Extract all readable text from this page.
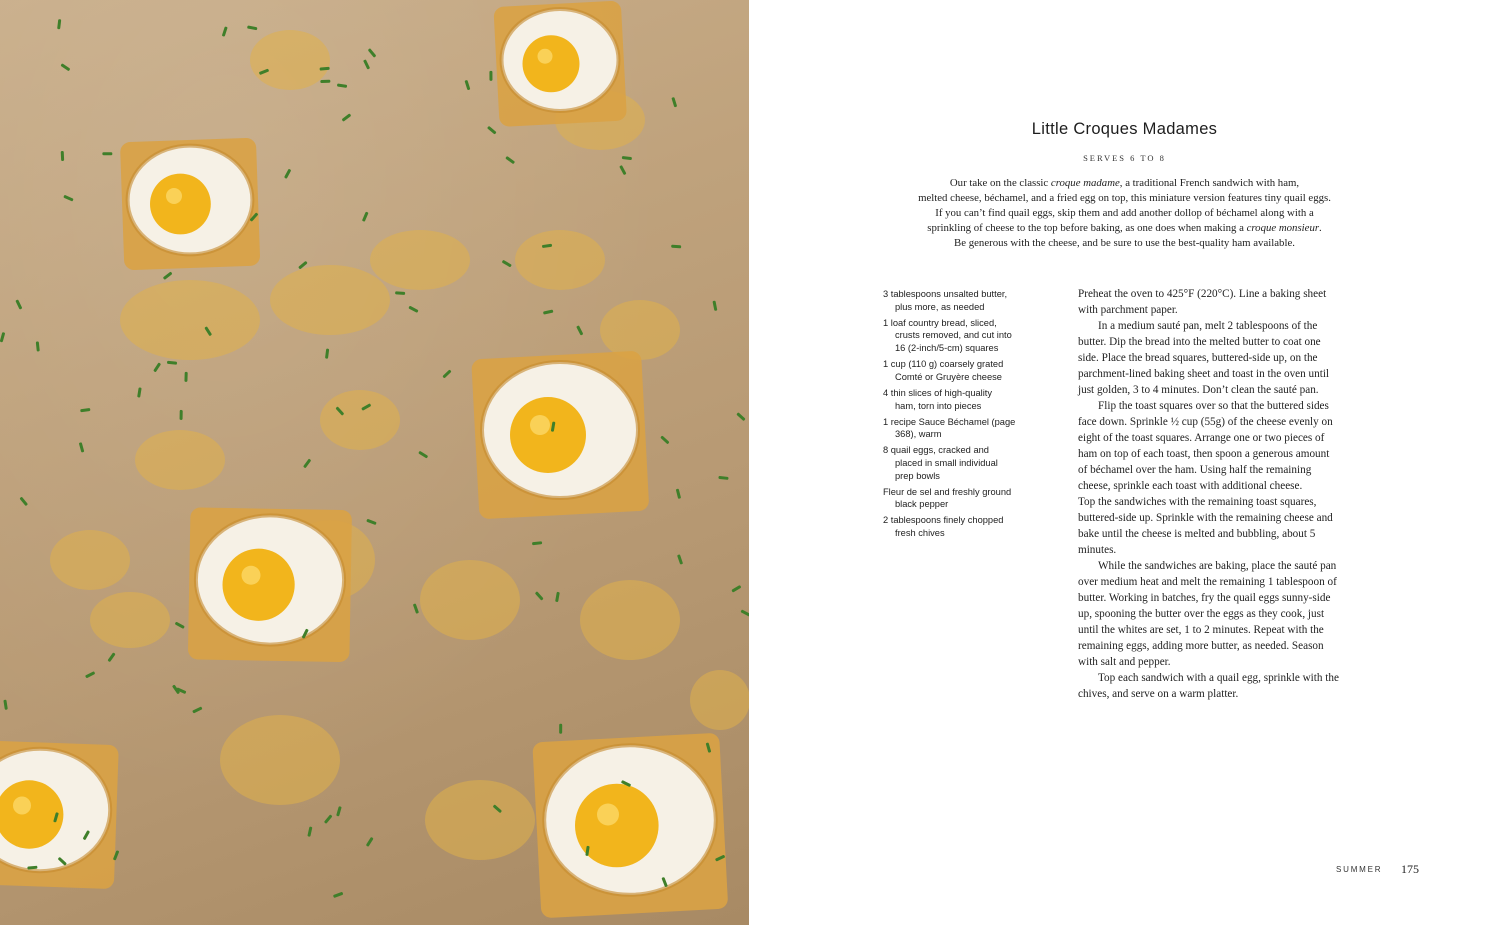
Little Croques Madames
SERVES 6 TO 8
Our take on the classic croque madame, a traditional French sandwich with ham,
melted cheese, béchamel, and a fried egg on top, this miniature version features tiny quail eggs.
If you can’t find quail eggs, skip them and add another dollop of béchamel along with a
sprinkling of cheese to the top before baking, as one does when making a croque monsieur.
Be generous with the cheese, and be sure to use the best-quality ham available.
3 tablespoons unsalted butter,
plus more, as needed
1 loaf country bread, sliced,
crusts removed, and cut into
16 (2-inch/5-cm) squares
1 cup (110 g) coarsely grated
Comté or Gruyère cheese
4 thin slices of high-quality
ham, torn into pieces
1 recipe Sauce Béchamel (page
368), warm
8 quail eggs, cracked and
placed in small individual
prep bowls
Fleur de sel and freshly ground
black pepper
2 tablespoons finely chopped
fresh chives
Preheat the oven to 425°F (220°C). Line a baking sheet
with parchment paper.
In a medium sauté pan, melt 2 tablespoons of the
butter. Dip the bread into the melted butter to coat one
side. Place the bread squares, buttered-side up, on the
parchment-lined baking sheet and toast in the oven until
just golden, 3 to 4 minutes. Don’t clean the sauté pan.
Flip the toast squares over so that the buttered sides
face down. Sprinkle ½ cup (55g) of the cheese evenly on
eight of the toast squares. Arrange one or two pieces of
ham on top of each toast, then spoon a generous amount
of béchamel over the ham. Using half the remaining
cheese, sprinkle each toast with additional cheese.
Top the sandwiches with the remaining toast squares,
buttered-side up. Sprinkle with the remaining cheese and
bake until the cheese is melted and bubbling, about 5
minutes.
While the sandwiches are baking, place the sauté pan
over medium heat and melt the remaining 1 tablespoon of
butter. Working in batches, fry the quail eggs sunny-side
up, spooning the butter over the eggs as they cook, just
until the whites are set, 1 to 2 minutes. Repeat with the
remaining eggs, adding more butter, as needed. Season
with salt and pepper.
Top each sandwich with a quail egg, sprinkle with the
chives, and serve on a warm platter.
SUMMER 175
